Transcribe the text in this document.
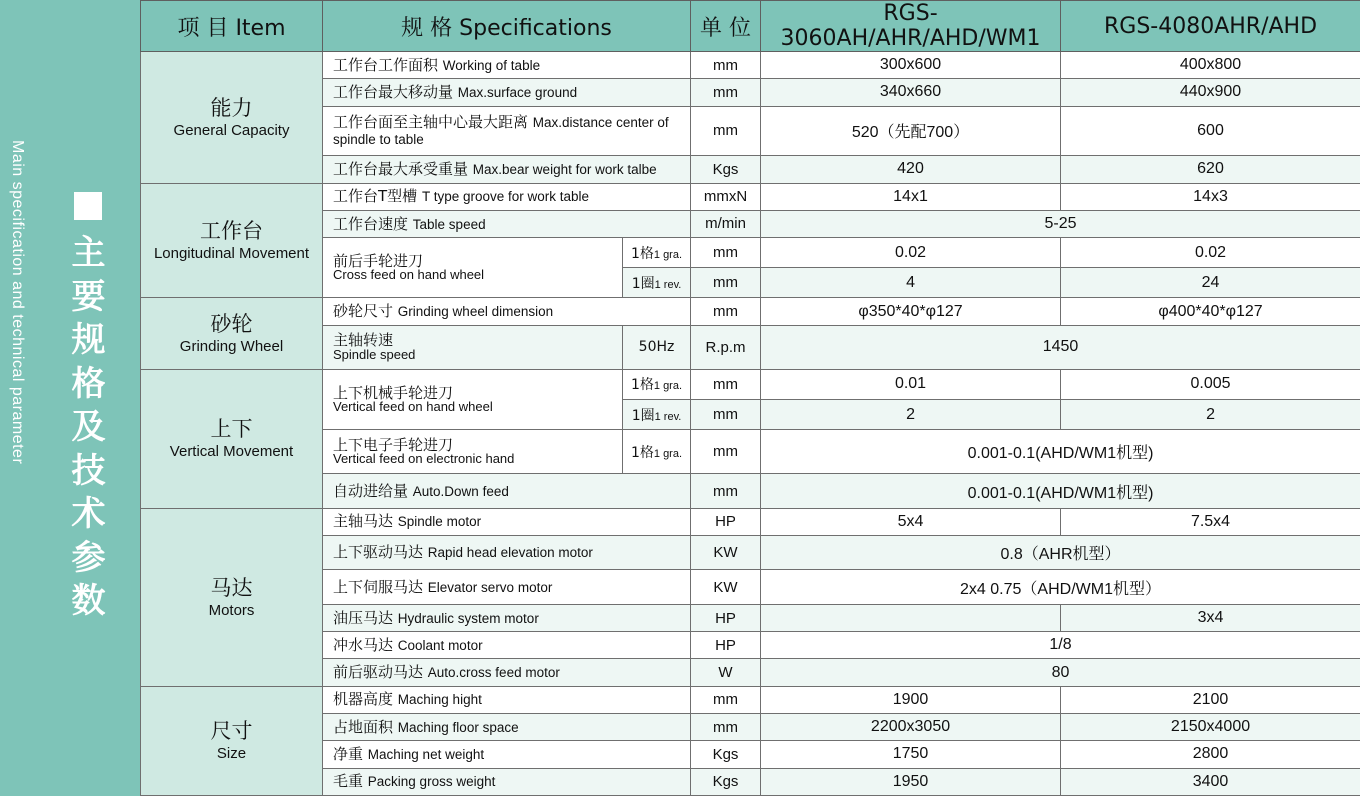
主要规格及技术参数
Main specification and technical parameter
项 目 Item	规 格 Specifications		单 位	RGS-3060AH/AHR/AHD/WM1	RGS-4080AHR/AHD
能力
General Capacity	工作台工作面积 Working of table		mm	300x600	400x800
	工作台最大移动量 Max.surface ground		mm	340x660	440x900
	工作台面至主轴中心最大距离 Max.distance center of spindle to table		mm	520（先配700）	600
	工作台最大承受重量 Max.bear weight for work talbe		Kgs	420	620
工作台
Longitudinal Movement	工作台T型槽 T type groove for work table		mmxN	14x1	14x3
	工作台速度 Table speed		m/min	5-25	

	前后手轮进刀
Cross feed on hand wheel	1格1 gra.	mm	0.02	0.02
		1圈1 rev.	mm	4	24
砂轮
Grinding Wheel	砂轮尺寸 Grinding wheel dimension		mm	φ350*40*φ127	φ400*40*φ127

	主轴转速
Spindle speed	50Hz	R.p.m	1450	
上下
Vertical Movement	上下机械手轮进刀
Vertical feed on hand wheel	1格1 gra.	mm	0.01	0.005
		1圈1 rev.	mm	2	2

	上下电子手轮进刀
Vertical feed on electronic hand	1格1 gra.	mm	0.001-0.1(AHD/WM1机型)	
	自动进给量 Auto.Down feed		mm	0.001-0.1(AHD/WM1机型)	
马达
Motors	主轴马达 Spindle motor		HP	5x4	7.5x4
	上下驱动马达 Rapid head elevation motor		KW	0.8（AHR机型）	
	上下伺服马达 Elevator servo motor		KW	2x4 0.75（AHD/WM1机型）	
	油压马达 Hydraulic system motor		HP		3x4
	冲水马达 Coolant motor		HP	1/8	
	前后驱动马达 Auto.cross feed motor		W	80	
尺寸
Size	机器高度 Maching hight		mm	1900	2100
	占地面积 Maching floor space		mm	2200x3050	2150x4000
	净重 Maching net weight		Kgs	1750	2800
	毛重 Packing gross weight		Kgs	1950	3400
